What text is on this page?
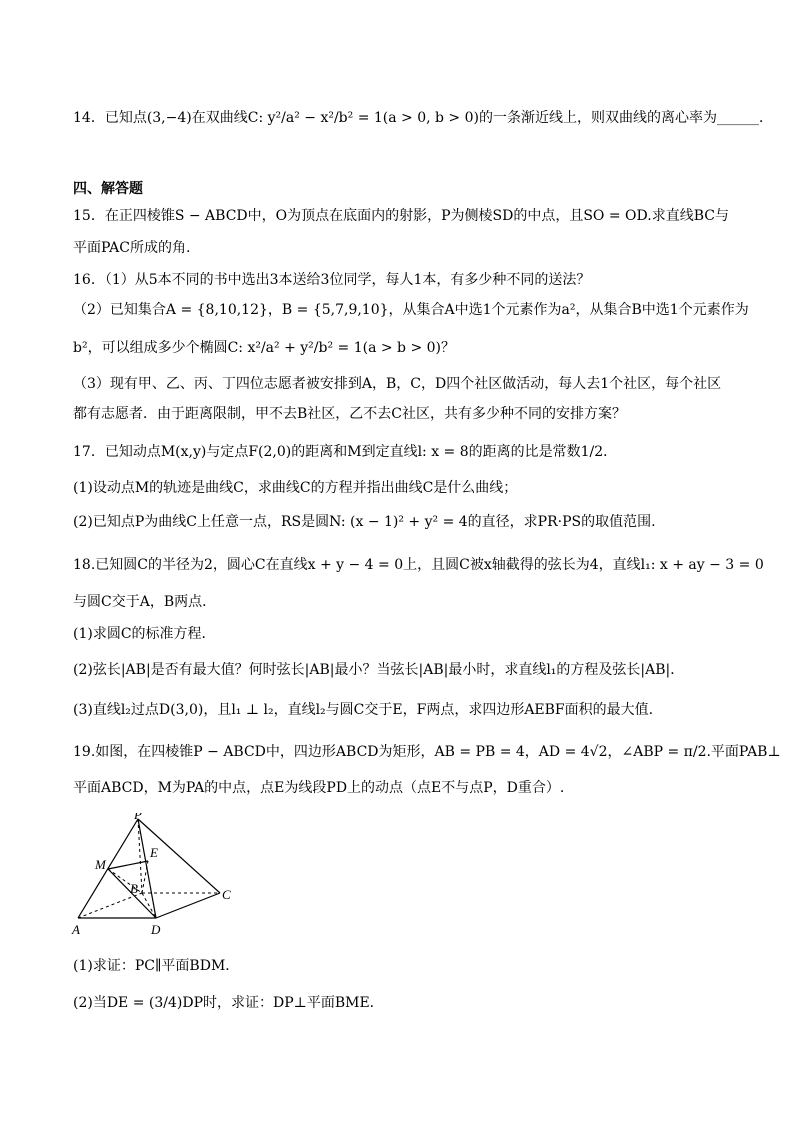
14．已知点(3,−4)在双曲线C: y²/a² − x²/b² = 1(a > 0, b > 0)的一条渐近线上，则双曲线的离心率为______．
四、解答题
15．在正四棱锥S − ABCD中，O为顶点在底面内的射影，P为侧棱SD的中点，且SO = OD.求直线BC与
平面PAC所成的角.
16．（1）从5本不同的书中选出3本送给3位同学，每人1本，有多少种不同的送法？
（2）已知集合A = {8,10,12}，B = {5,7,9,10}，从集合A中选1个元素作为a²，从集合B中选1个元素作为
b²，可以组成多少个椭圆C: x²/a² + y²/b² = 1(a > b > 0)？
（3）现有甲、乙、丙、丁四位志愿者被安排到A，B，C，D四个社区做活动，每人去1个社区，每个社区
都有志愿者．由于距离限制，甲不去B社区，乙不去C社区，共有多少种不同的安排方案？
17．已知动点M(x,y)与定点F(2,0)的距离和M到定直线l: x = 8的距离的比是常数1/2．
(1)设动点M的轨迹是曲线C，求曲线C的方程并指出曲线C是什么曲线；
(2)已知点P为曲线C上任意一点，RS是圆N: (x − 1)² + y² = 4的直径，求PR·PS的取值范围.
18.已知圆C的半径为2，圆心C在直线x + y − 4 = 0上，且圆C被x轴截得的弦长为4，直线l₁: x + ay − 3 = 0
与圆C交于A，B两点．
(1)求圆C的标准方程．
(2)弦长|AB|是否有最大值？何时弦长|AB|最小？当弦长|AB|最小时，求直线l₁的方程及弦长|AB|．
(3)直线l₂过点D(3,0)，且l₁ ⊥ l₂，直线l₂与圆C交于E，F两点，求四边形AEBF面积的最大值.
19.如图，在四棱锥P − ABCD中，四边形ABCD为矩形，AB = PB = 4，AD = 4√2，∠ABP = π/2.平面PAB⊥
平面ABCD，M为PA的中点，点E为线段PD上的动点（点E不与点P，D重合）.
P
E
M
B	C
A	D
(1)求证：PC∥平面BDM．
(2)当DE = (3/4)DP时，求证：DP⊥平面BME．
